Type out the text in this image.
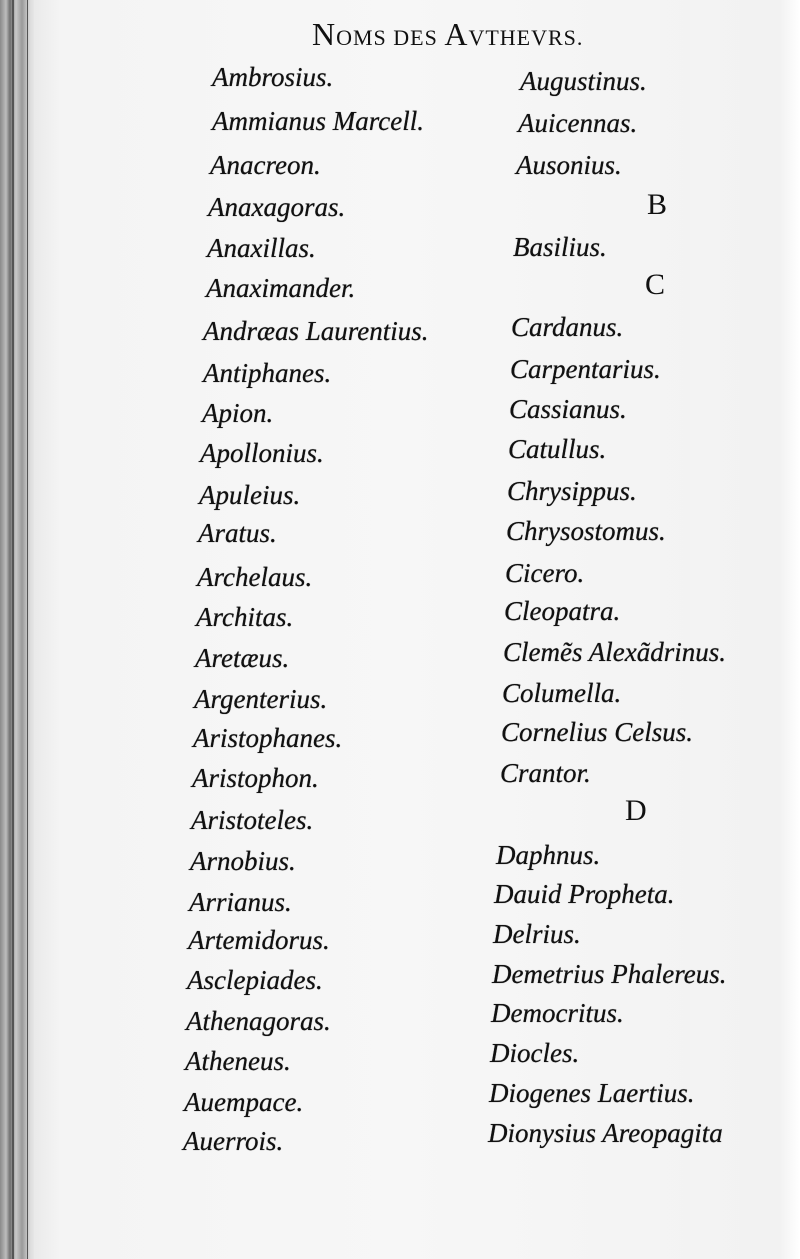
NOMS DES AVTHEVRS.
Ambrosius.
Ammianus Marcell.
Anacreon.
Anaxagoras.
Anaxillas.
Anaximander.
Andræas Laurentius.
Antiphanes.
Apion.
Apollonius.
Apuleius.
Aratus.
Archelaus.
Architas.
Aretæus.
Argenterius.
Aristophanes.
Aristophon.
Aristoteles.
Arnobius.
Arrianus.
Artemidorus.
Asclepiades.
Athenagoras.
Atheneus.
Auempace.
Auerrois.
Augustinus.
Auicennas.
Ausonius.
B
Basilius.
C
Cardanus.
Carpentarius.
Cassianus.
Catullus.
Chrysippus.
Chrysostomus.
Cicero.
Cleopatra.
Clemẽs Alexãdrinus.
Columella.
Cornelius Celsus.
Crantor.
D
Daphnus.
Dauid Propheta.
Delrius.
Demetrius Phalereus.
Democritus.
Diocles.
Diogenes Laertius.
Dionysius Areopagita
